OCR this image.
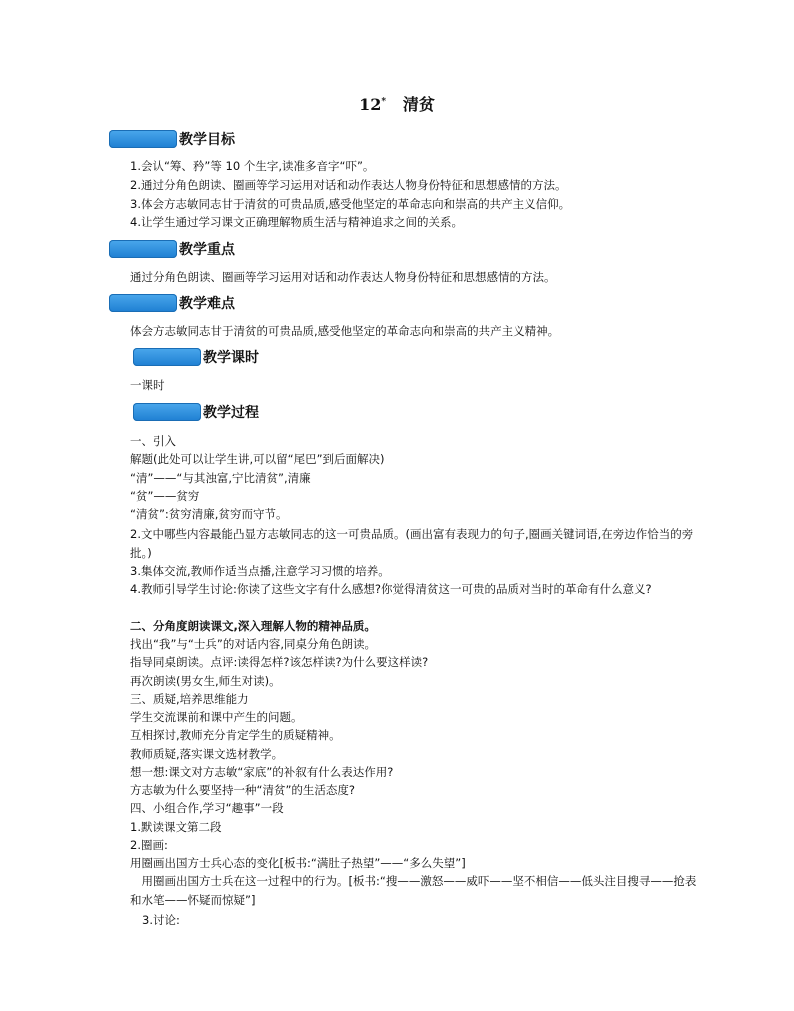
12* 清贫
教学目标
1.会认“筹、矜”等 10 个生字,读准多音字“吓”。
2.通过分角色朗读、圈画等学习运用对话和动作表达人物身份特征和思想感情的方法。
3.体会方志敏同志甘于清贫的可贵品质,感受他坚定的革命志向和崇高的共产主义信仰。
4.让学生通过学习课文正确理解物质生活与精神追求之间的关系。
教学重点
通过分角色朗读、圈画等学习运用对话和动作表达人物身份特征和思想感情的方法。
教学难点
体会方志敏同志甘于清贫的可贵品质,感受他坚定的革命志向和崇高的共产主义精神。
教学课时
一课时
教学过程
一、引入
解题(此处可以让学生讲,可以留“尾巴”到后面解决)
“清”——“与其浊富,宁比清贫”,清廉
“贫”——贫穷
“清贫”:贫穷清廉,贫穷而守节。
2.文中哪些内容最能凸显方志敏同志的这一可贵品质。(画出富有表现力的句子,圈画关键词语,在旁边作恰当的旁批。)
3.集体交流,教师作适当点播,注意学习习惯的培养。
4.教师引导学生讨论:你读了这些文字有什么感想?你觉得清贫这一可贵的品质对当时的革命有什么意义?
二、分角度朗读课文,深入理解人物的精神品质。
找出“我”与“士兵”的对话内容,同桌分角色朗读。
指导同桌朗读。点评:读得怎样?该怎样读?为什么要这样读?
再次朗读(男女生,师生对读)。
三、质疑,培养思维能力
学生交流课前和课中产生的问题。
互相探讨,教师充分肯定学生的质疑精神。
教师质疑,落实课文选材教学。
想一想:课文对方志敏“家底”的补叙有什么表达作用?
方志敏为什么要坚持一种“清贫”的生活态度?
四、小组合作,学习“趣事”一段
1.默读课文第二段
2.圈画:
用圈画出国方士兵心态的变化[板书:“满肚子热望”——“多么失望”]
用圈画出国方士兵在这一过程中的行为。[板书:“搜——激怒——威吓——坚不相信——低头注目搜寻——抢表和水笔——怀疑而惊疑”]
3.讨论:
